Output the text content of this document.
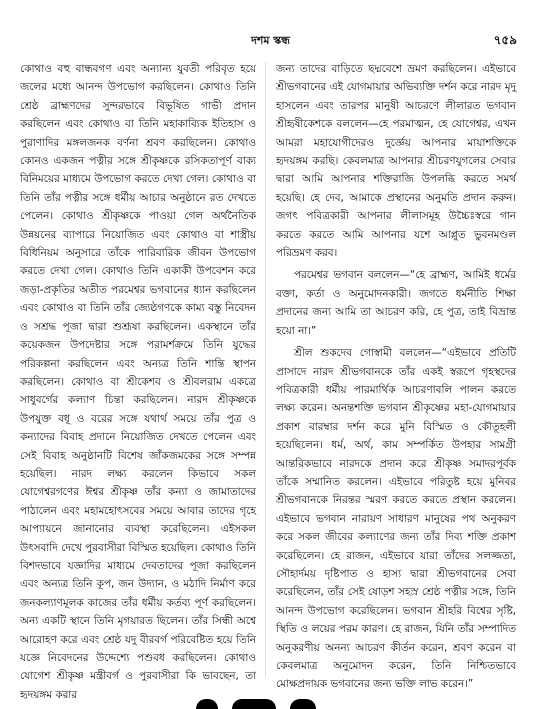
দশম স্কন্ধ	৭৫৯

কোথাও বহু বান্ধবগণ এবং অন্যান্য যুবতী পরিবৃত হয়ে জলের মধ্যে আনন্দ উপভোগ করছিলেন। কোথাও তিনি শ্রেষ্ঠ ব্রাহ্মণদের সুন্দরভাবে বিভূষিত গাভী প্রদান করছিলেন এবং কোথাও বা তিনি মহাকাব্যিক ইতিহাস ও পুরাণাদির মঙ্গলজনক বর্ণনা শ্রবণ করছিলেন। কোথাও কোনও একজন পত্নীর সঙ্গে শ্রীকৃষ্ণকে রসিকতাপূর্ণ বাক্য বিনিময়ের মাধ্যমে উপভোগ করতে দেখা গেল। কোথাও বা তিনি তাঁর পত্নীর সঙ্গে ধর্মীয় আচার অনুষ্ঠানে রত দেখতে পেলেন। কোথাও শ্রীকৃষ্ণকে পাওয়া গেল অর্থনৈতিক উন্নয়নের ব্যাপারে নিয়োজিত এবং কোথাও বা শাস্ত্রীয় বিধিনিয়ম অনুসারে তাঁকে পারিবারিক জীবন উপভোগ করতে দেখা গেল। কোথাও তিনি একাকী উপবেশন করে জড়া-প্রকৃতির অতীত পরমেশ্বর ভগবানের ধ্যান করছিলেন এবং কোথাও বা তিনি তাঁর জ্যেষ্ঠগণকে কাম্য বস্তু নিবেদন ও সশ্রদ্ধ পূজা দ্বারা শুশ্রূষা করছিলেন। একস্থানে তাঁর কয়েকজন উপদেষ্টার সঙ্গে পরামর্শক্রমে তিনি যুদ্ধের পরিকল্পনা করছিলেন এবং অন্যত্র তিনি শান্তি স্থাপন করছিলেন। কোথাও বা শ্রীকেশব ও শ্রীবলরাম একত্রে সাধুবর্গের কল্যাণ চিন্তা করছিলেন। নারদ শ্রীকৃষ্ণকে উপযুক্ত বধূ ও বরের সঙ্গে যথার্থ সময়ে তাঁর পুত্র ও কন্যাদের বিবাহ প্রদানে নিয়োজিত দেখতে পেলেন এবং সেই বিবাহ অনুষ্ঠানটি বিশেষ জাঁকজমকের সঙ্গে সম্পন্ন হয়েছিল। নারদ লক্ষ্য করলেন কিভাবে সকল যোগেশ্বরগণের ঈশ্বর শ্রীকৃষ্ণ তাঁর কন্যা ও জামাতাদের পাঠালেন এবং মহামহোৎসবের সময়ে আবার তাদের গৃহে আপ্যায়নে জানানোর ব্যবস্থা করেছিলেন। এইসকল উৎসবাদি দেখে পুরবাসীরা বিস্মিত হয়েছিল। কোথাও তিনি বিশদভাবে যজ্ঞাদির মাধ্যমে দেবতাদের পূজা করছিলেন এবং অন্যত্র তিনি কূপ, জন উদ্যান, ও মঠাদি নির্মাণ করে জনকল্যাণমূলক কাজের তাঁর ধর্মীয় কর্তব্য পূর্ণ করছিলেন। অন্য একটি স্থানে তিনি মৃগয়ারত ছিলেন। তাঁর সিন্ধী অশ্বে আরোহণ করে এবং শ্রেষ্ঠ যদু বীরবর্গ পরিবেষ্টিত হয়ে তিনি যজ্ঞে নিবেদনের উদ্দেশ্যে পশুবধ করছিলেন। কোথাও যোগেশ শ্রীকৃষ্ণ মন্ত্রীবর্গ ও পুরবাসীরা কি ভাবছেন, তা হৃদয়ঙ্গম করার

জন্য তাদের বাড়িতে ছদ্মবেশে ভ্রমণ করছিলেন। এইভাবে শ্রীভগবানের এই যোগমায়ার অভিব্যক্তি দর্শন করে নারদ মৃদু হাসলেন এবং তারপর মানুষী আচরণে লীলারত ভগবান শ্রীহৃষীকেশকে বললেন—হে পরমাত্মন, হে যোগেশ্বর, এখন আমরা মহাযোগীদেরও দুর্জ্ঞেয় আপনার মায়াশক্তিকে হৃদয়ঙ্গম করছি। কেবলমাত্র আপনার শ্রীচরণযুগলের সেবার দ্বারা আমি আপনার শক্তিরাজি উপলব্ধি করতে সমর্থ হয়েছি। হে দেব, আমাকে প্রস্থানের অনুমতি প্রদান করুন। জগৎ পবিত্রকারী আপনার লীলাসমূহ উচ্চৈঃস্বরে গান করতে করতে আমি আপনার যশে আপ্লুত ভুবনমণ্ডল পরিভ্রমণ করব।

পরমেশ্বর ভগবান বললেন—“হে ব্রাহ্মণ, আমিই ধর্মের বক্তা, কর্তা ও অনুমোদনকারী। জগতে ধর্মনীতি শিক্ষা প্রদানের জন্য আমি তা আচরণ করি, হে পুত্র, তাই বিভ্রান্ত হয়ো না।”

শ্রীল শুকদেব গোস্বামী বললেন—“এইভাবে প্রতিটি প্রাসাদে নারদ শ্রীভগবানকে তাঁর একই স্বরূপে গৃহস্থদের পবিত্রকারী ধর্মীয় পারমার্থিক আচরণাবলি পালন করতে লক্ষ্য করেন। অনন্তশক্তি ভগবান শ্রীকৃষ্ণের মহা-যোগমায়ার প্রকাশ বারম্বার দর্শন করে মুনি বিস্মিত ও কৌতূহলী হয়েছিলেন। ধর্ম, অর্থ, কাম সম্পর্কিত উপহার সামগ্রী আন্তরিকভাবে নারদকে প্রদান করে শ্রীকৃষ্ণ সমাদরপূর্বক তাঁকে সম্মানিত করলেন। এইভাবে পরিতুষ্ট হয়ে মুনিবর শ্রীভগবানকে নিরন্তর স্মরণ করতে করতে প্রস্থান করলেন। এইভাবে ভগবান নারায়ণ সাধারণ মানুষের পথ অনুকরণ করে সকল জীবের কল্যাণের জন্য তাঁর দিব্য শক্তি প্রকাশ করেছিলেন। হে রাজন, এইভাবে যারা তাঁদের সলজ্জতা, সৌহার্দময় দৃষ্টিপাত ও হাস্য দ্বারা শ্রীভগবানের সেবা করেছিলেন, তাঁর সেই ষোড়শ সহস্র শ্রেষ্ঠ পত্নীর সঙ্গে, তিনি আনন্দ উপভোগ করেছিলেন। ভগবান শ্রীহরি বিশ্বের সৃষ্টি, স্থিতি ও লয়ের পরম কারণ। হে রাজন, যিনি তাঁর সম্পাদিত অনুকরণীয় অনন্য আচরণ কীর্তন করেন, শ্রবণ করেন বা কেবলমাত্র অনুমোদন করেন, তিনি নিশ্চিতভাবে মোক্ষপ্রদায়ক ভগবানের জন্য ভক্তি লাভ করেন।”
